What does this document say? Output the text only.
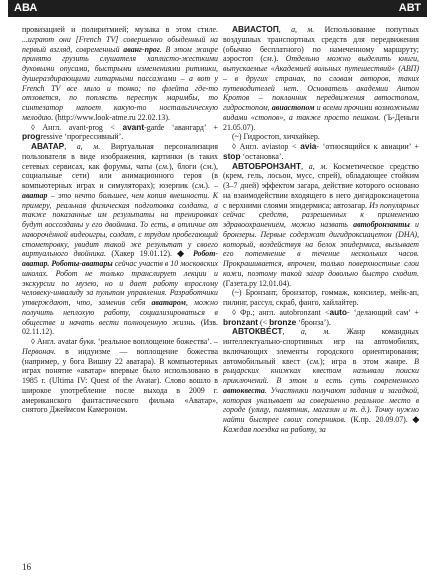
АВА	АВТ

провизацией и полиритмией; музыка в этом стиле. ...играют они [French TV] совершенно обыденный на первый взгляд, современный аванг-прог. В этом жанре принято грузить слушателя хаплисто-жесткими духовыми опусами, быстрыми изменениями ритмики, душераздирающими гитарными пассажами – а вот у French TV все мило и тонко; по флейта где-то отзовется, по поплясть перестук маримбы, то синтезатор напоет какую-то ностальгическую мелодию. (http://www.look-atme.ru 22.02.13).

◊ Англ. avant-prog < avant-garde ‘авангард’ + progressive ‘прогрессивный’.

АВАТАР, а, м. Виртуальная персонализация пользователя в виде изображения, картинки (в таких сетевых сервисах, как форумы, чаты (см.), блоги (см.), социальные сети) или анимационного героя (в компьютерных играх и симуляторах); юзерпик (см.). – аватар – это нечто большее, чем копия внешности. К примеру, реальная физическая подготовка солдата, а также показанные им результаты на тренировках будут воссозданы у его двойника. То есть, в отличие от наворочённой видеоигры, солдат, с трудом пробегающий стометровку, увидит такой же результат у своего виртуального двойника. (Хакер 19.01.12). ◆ Робот-аватар. Роботы-аватары сейчас участв в 10 московских школах. Робот не только транслирует лекции и экскурсии по музею, но и дает работу взрослому человеку-инвалиду за пультом управления. Разработчики утверждают, что, заменив себя аватаром, можно получить неплохую работу, социализироваться в обществе и начать вести полноценную жизнь. (Изв. 02.11.12).

◊ Англ. avatar букв. ‘реальное воплощение божества’. – Первонач. в индуизме — воплощение божества (например, у бога Вишну 22 аватара). В компьютерных играх понятие «аватар» впервые было использовано в 1985 г. (Ultima IV: Quest of the Avatar). Слово вошло в широкое употребление после выхода в 2009 г. американского фантастического фильма «Аватар», снятого Джеймсом Камероном.

АВИАСТОП, а, м. Использование попутных воздушных транспортных средств для передвижения (обычно бесплатного) по намеченному маршруту; аэростоп (см.). Отдельно можно выделить книги, выпускаемые «Академией вольных путешествий» (АВП) – в других странах, по словам авторов, таких путеводителей нет. Основатель академии Антон Кротов – поклонник передвижения автостопом, гидростопом, авиастопом и всеми прочими возможными видами «стопов», а также просто пешком. (Ъ-Деньги 21.05.07).

(~) Гидростоп, хичхайкер.

◊ Англ. aviastop < avia- ‘относящийся к авиации’ + stop ‘остановка’.

АВТОБРОНЗАНТ, а, м. Косметическое средство (крем, гель, лосьон, мусс, спрей), обладающее стойким (3–7 дней) эффектом загара, действие которого основано на взаимодействии входящего в него дигидроксиацетона с верхними слоями эпидермиса; автозагар. Из популярных сейчас средств, разрешенных к применению здравоохранением, можно назвать автобронзанты и бронзеры. Первые содержат дигидроксиацетон (DHA), который, воздействуя на белок эпидермиса, вызывает его потемнение в течение нескольких часов. Прокрашивается, впрочем, только поверхностные слои кожи, поэтому такой загар довольно быстро сходит. (Газета.ру 12.01.04).

(~) Бронзант, бронзатор, гоммаж, консилер, мейк-ап, пилинг, рассул, скраб, фанго, хайлайтер.

◊ Фр.; англ. autobronzant <auto- ‘делающий сам’ + bronzant (< bronze ‘бронза’).

АВТОКВЕ́СТ, а, м. Жанр командных интеллектуально-спортивных игр на автомобилях, включающих элементы городского ориентирования; автомобильный квест (см.); игра в этом жанре. В рыцарских книжках квестом называли поиски приключений. В этом и есть суть современного автоквеста. Участники получают задания и загадкой, которая указывает на совершенно реальное место в городе (улицу, памятник, магазин и т. д.). Точку нужно найти быстрее своих соперников. (К.пр. 20.09.07). ◆ Каждая поездка на работу, за

16
